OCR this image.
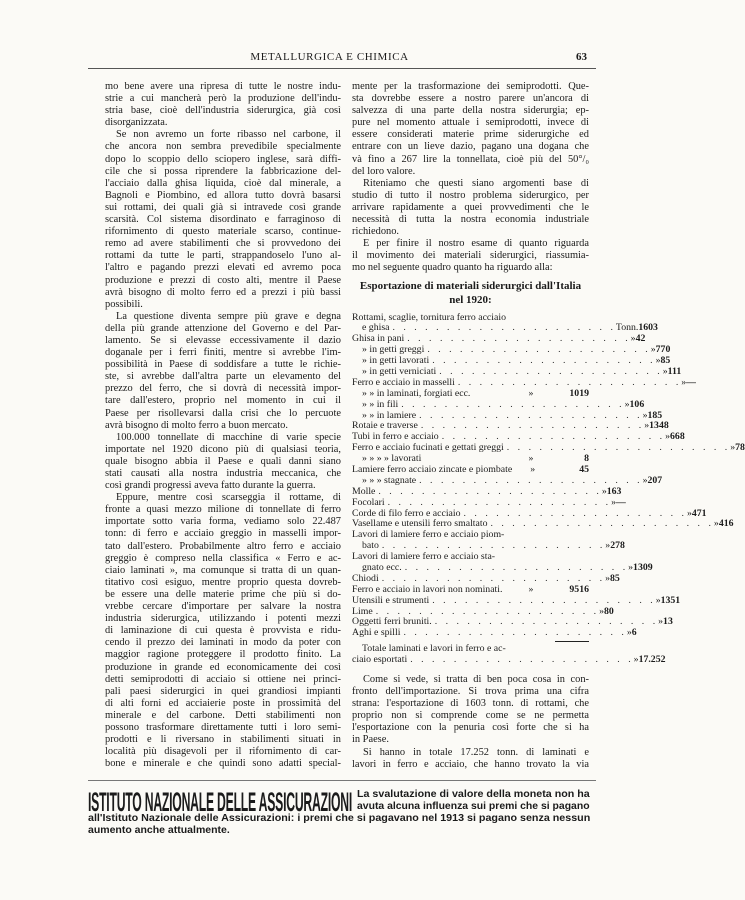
METALLURGICA E CHIMICA	63
mo bene avere una ripresa di tutte le nostre indu-
strie a cui mancherà però la produzione dell'indu-
stria base, cioè dell'industria siderurgica, già così
disorganizzata.
Se non avremo un forte ribasso nel carbone, il
che ancora non sembra prevedibile specialmente
dopo lo scoppio dello sciopero inglese, sarà diffi-
cile che si possa riprendere la fabbricazione del-
l'acciaio dalla ghisa liquida, cioè dal minerale, a
Bagnoli e Piombino, ed allora tutto dovrà basarsi
sui rottami, dei quali già si intravede così grande
scarsità. Col sistema disordinato e farraginoso di
rifornimento di questo materiale scarso, continue-
remo ad avere stabilimenti che si provvedono dei
rottami da tutte le parti, strappandoselo l'uno al-
l'altro e pagando prezzi elevati ed avremo poca
produzione e prezzi di costo alti, mentre il Paese
avrà bisogno di molto ferro ed a prezzi i più bassi
possibili.
La questione diventa sempre più grave e degna
della più grande attenzione del Governo e del Par-
lamento. Se si elevasse eccessivamente il dazio
doganale per i ferri finiti, mentre si avrebbe l'im-
possibilità in Paese di soddisfare a tutte le richie-
ste, si avrebbe dall'altra parte un elevamento del
prezzo del ferro, che si dovrà di necessità impor-
tare dall'estero, proprio nel momento in cui il
Paese per risollevarsi dalla crisi che lo percuote
avrà bisogno di molto ferro a buon mercato.
100.000 tonnellate di macchine di varie specie
importate nel 1920 dicono più di qualsiasi teoria,
quale bisogno abbia il Paese e quali danni siano
stati causati alla nostra industria meccanica, che
così grandi progressi aveva fatto durante la guerra.
Eppure, mentre così scarseggia il rottame, di
fronte a quasi mezzo milione di tonnellate di ferro
importate sotto varia forma, vediamo solo 22.487
tonn: di ferro e acciaio greggio in masselli impor-
tato dall'estero. Probabilmente altro ferro e acciaio
greggio è compreso nella classifica « Ferro e ac-
ciaio laminati », ma comunque si tratta di un quan-
titativo così esiguo, mentre proprio questa dovreb-
be essere una delle materie prime che più si do-
vrebbe cercare d'importare per salvare la nostra
industria siderurgica, utilizzando i potenti mezzi
di laminazione di cui questa è provvista e ridu-
cendo il prezzo dei laminati in modo da poter con
maggior ragione proteggere il prodotto finito. La
produzione in grande ed economicamente dei così
detti semiprodotti di acciaio si ottiene nei princi-
pali paesi siderurgici in quei grandiosi impianti
di alti forni ed acciaierie poste in prossimità del
minerale e del carbone. Detti stabilimenti non
possono trasformare direttamente tutti i loro semi-
prodotti e li riversano in stabilimenti situati in
località più disagevoli per il rifornimento di car-
bone e minerale e che quindi sono adatti special-
mente per la trasformazione dei semiprodotti. Que-
sta dovrebbe essere a nostro parere un'ancora di
salvezza di una parte della nostra siderurgia; ep-
pure nel momento attuale i semiprodotti, invece di
essere considerati materie prime siderurgiche ed
entrare con un lieve dazio, pagano una dogana che
và fino a 267 lire la tonnellata, cioè più del 50°/₀
del loro valore.
Riteniamo che questi siano argomenti base di
studio di tutto il nostro problema siderurgico, per
arrivare rapidamente a quei provvedimenti che le
necessità di tutta la nostra economia industriale
richiedono.
E per finire il nostro esame di quanto riguarda
il movimento dei materiali siderurgici, riassumia-
mo nel seguente quadro quanto ha riguardo alla:
Esportazione di materiali siderurgici dall'Italia
nel 1920:
Rottami, scaglie, tornitura ferro acciaio
e ghisa . . . . . . . . . . . . . . . . . . . . . Tonn. 1603
Ghisa in pani . . . . . . . . . . . . . . . . . . . . . » 42
» in getti greggi . . . . . . . . . . . . . . . . . . . . . » 770
» in getti lavorati . . . . . . . . . . . . . . . . . . . . . » 85
» in getti verniciati . . . . . . . . . . . . . . . . . . . . . » 111
Ferro e acciaio in masselli . . . . . . . . . . . . . . . . . . . . . » —
» » in laminati, forgiati ecc.	»	1019
» » in fili . . . . . . . . . . . . . . . . . . . . . » 106
» » in lamiere . . . . . . . . . . . . . . . . . . . . . » 185
Rotaie e traverse . . . . . . . . . . . . . . . . . . . . . » 1348
Tubi in ferro e acciaio . . . . . . . . . . . . . . . . . . . . . » 668
Ferro e acciaio fucinati e gettati greggi . . . . . . . . . . . . . . . . . . . . . » 78
» » » » lavorati	»	8
Lamiere ferro acciaio zincate e piombate	»	45
» » » stagnate . . . . . . . . . . . . . . . . . . . . . » 207
Molle . . . . . . . . . . . . . . . . . . . . . » 163
Focolari . . . . . . . . . . . . . . . . . . . . . » —
Corde di filo ferro e acciaio . . . . . . . . . . . . . . . . . . . . . » 471
Vasellame e utensili ferro smaltato . . . . . . . . . . . . . . . . . . . . . » 416
Lavori di lamiere ferro e acciaio piom-
bato . . . . . . . . . . . . . . . . . . . . . » 278
Lavori di lamiere ferro e acciaio sta-
gnato ecc. . . . . . . . . . . . . . . . . . . . . . » 1309
Chiodi . . . . . . . . . . . . . . . . . . . . . » 85
Ferro e acciaio in lavori non nominati.	»	9516
Utensili e strumenti . . . . . . . . . . . . . . . . . . . . . » 1351
Lime . . . . . . . . . . . . . . . . . . . . . » 80
Oggetti ferri bruniti. . . . . . . . . . . . . . . . . . . . . . » 13
Aghi e spilli . . . . . . . . . . . . . . . . . . . . . » 6
Totale laminati e lavori in ferro e ac-
ciaio esportati . . . . . . . . . . . . . . . . . . . . . » 17.252
Come si vede, si tratta di ben poca cosa in con-
fronto dell'importazione. Si trova prima una cifra
strana: l'esportazione di 1603 tonn. di rottami, che
proprio non si comprende come se ne permetta
l'esportazione con la penuria così forte che si ha
in Paese.
Si hanno in totale 17.252 tonn. di laminati e
lavori in ferro e acciaio, che hanno trovato la via
ISTITUTO NAZIONALE DELLE ASSICURAZIONI La svalutazione di valore della moneta non ha
avuta alcuna influenza sui premi che si pagano
all'Istituto Nazionale delle Assicurazioni: i premi che si pagavano nel 1913 si pagano senza nessun
aumento anche attualmente.
